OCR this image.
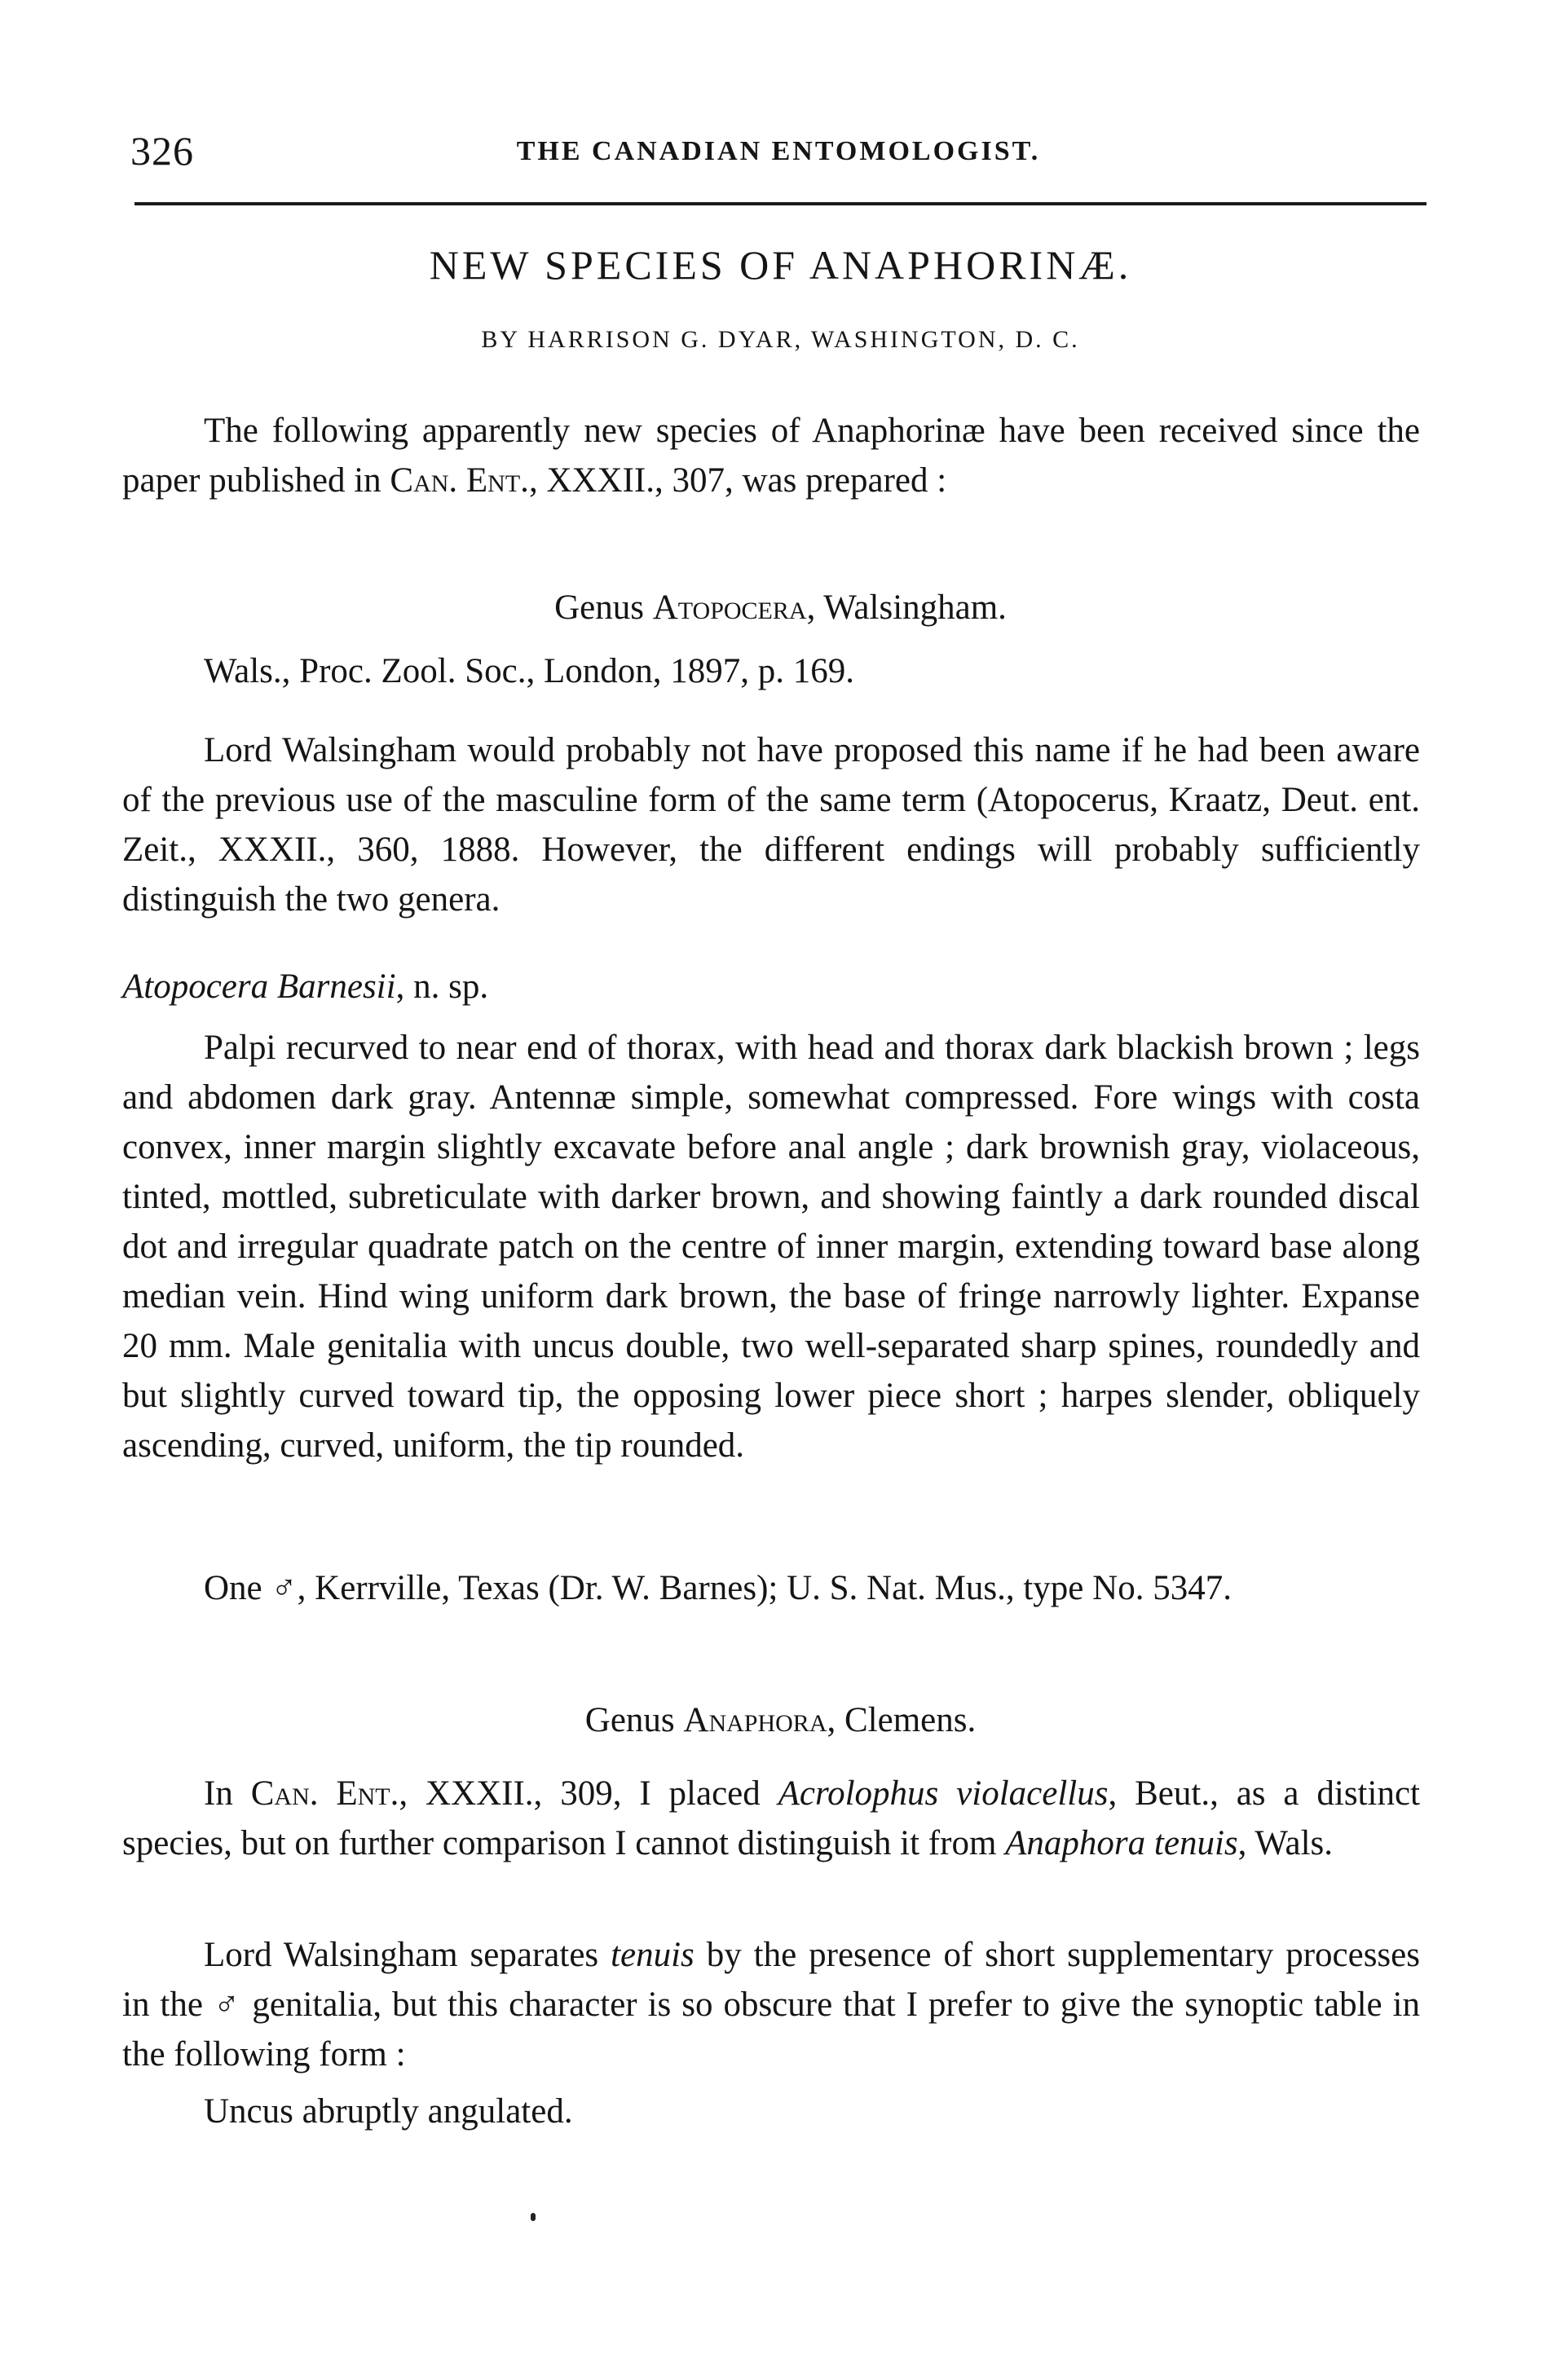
326	THE CANADIAN ENTOMOLOGIST.
NEW SPECIES OF ANAPHORINÆ.
BY HARRISON G. DYAR, WASHINGTON, D. C.

The following apparently new species of Anaphorinæ have been received since the paper published in Can. Ent., XXXII., 307, was prepared :

Genus Atopocera, Walsingham.

Wals., Proc. Zool. Soc., London, 1897, p. 169.

Lord Walsingham would probably not have proposed this name if he had been aware of the previous use of the masculine form of the same term (Atopocerus, Kraatz, Deut. ent. Zeit., XXXII., 360, 1888. However, the different endings will probably sufficiently distinguish the two genera.

Atopocera Barnesii, n. sp.

Palpi recurved to near end of thorax, with head and thorax dark blackish brown ; legs and abdomen dark gray. Antennæ simple, somewhat compressed. Fore wings with costa convex, inner margin slightly excavate before anal angle ; dark brownish gray, violaceous, tinted, mottled, subreticulate with darker brown, and showing faintly a dark rounded discal dot and irregular quadrate patch on the centre of inner margin, extending toward base along median vein. Hind wing uniform dark brown, the base of fringe narrowly lighter. Expanse 20 mm. Male genitalia with uncus double, two well-separated sharp spines, roundedly and but slightly curved toward tip, the opposing lower piece short ; harpes slender, obliquely ascending, curved, uniform, the tip rounded.

One ♂, Kerrville, Texas (Dr. W. Barnes); U. S. Nat. Mus., type No. 5347.

Genus Anaphora, Clemens.

In Can. Ent., XXXII., 309, I placed Acrolophus violacellus, Beut., as a distinct species, but on further comparison I cannot distinguish it from Anaphora tenuis, Wals.

Lord Walsingham separates tenuis by the presence of short supplementary processes in the ♂ genitalia, but this character is so obscure that I prefer to give the synoptic table in the following form :

Uncus abruptly angulated.
